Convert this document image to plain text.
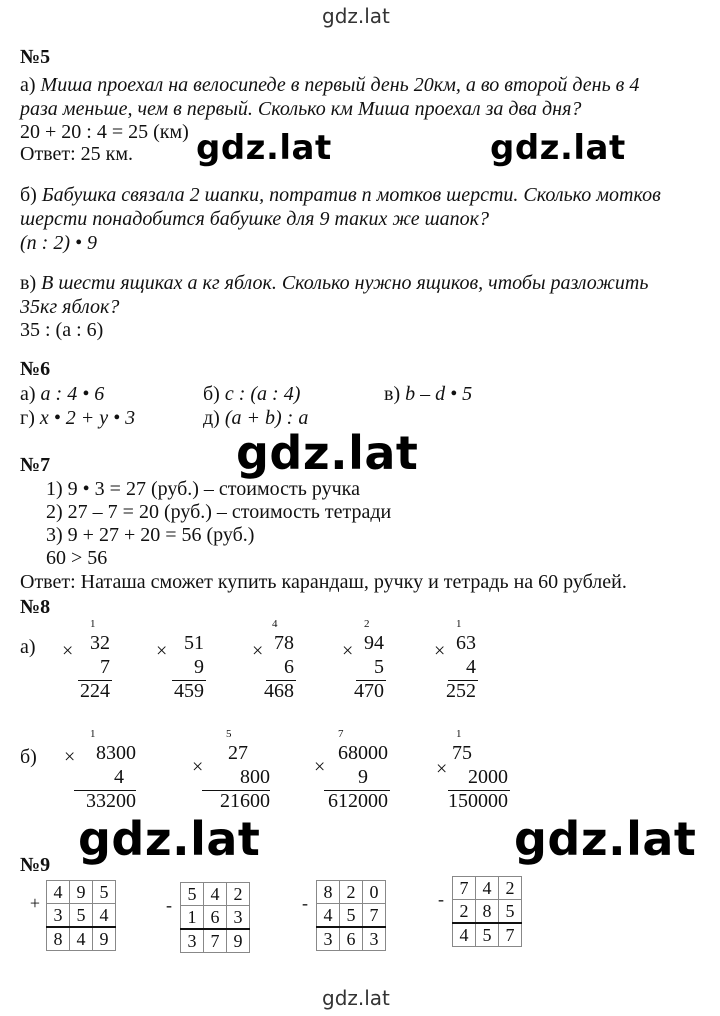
gdz.lat
gdz.lat	gdz.lat
gdz.lat
gdz.lat	gdz.lat
gdz.lat
№5
а) Миша проехал на велосипеде в первый день 20км, а во второй день в 4
раза меньше, чем в первый. Сколько км Миша проехал за два дня?
20 + 20 : 4 = 25 (км)
Ответ: 25 км.
б) Бабушка связала 2 шапки, потратив n мотков шерсти. Сколько мотков
шерсти понадобится бабушке для 9 таких же шапок?
(n : 2) • 9
в) В шести ящиках а кг яблок. Сколько нужно ящиков, чтобы разложить
35кг яблок?
35 : (a : 6)
№6
а) a : 4 • 6	б) c : (a : 4)	в) b – d • 5
г) x • 2 + y • 3	д) (a + b) : a
№7
1) 9 • 3 = 27 (руб.) – стоимость ручка
2) 27 – 7 = 20 (руб.) – стоимость тетради
3) 9 + 27 + 20 = 56 (руб.)
60 > 56
Ответ: Наташа сможет купить карандаш, ручку и тетрадь на 60 рублей.
№8
а)
б)
1
× 32
7
224
× 51
9
459
4
× 78
6
468
2
× 94
5
470
1
× 63
4
252
1
× 8300
4
33200
5
×
27
800
21600
7
×
68000
9
612000
1
×
75
2000
150000
№9
+	4	9	5
	3	5	4
	8	4	9
-	5	4	2
	1	6	3
	3	7	9
-	8	2	0
	4	5	7
	3	6	3
-	7	4	2
	2	8	5
	4	5	7
